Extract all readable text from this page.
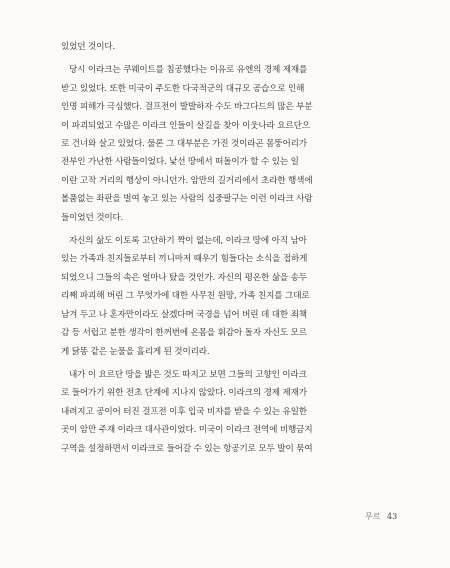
있었던 것이다.

당시 이라크는 쿠웨이트를 침공했다는 이유로 유엔의 경제 제재를
받고 있었다. 또한 미국이 주도한 다국적군의 대규모 공습으로 인해
인명 피해가 극심했다. 걸프전이 발발하자 수도 바그다드의 많은 부분
이 파괴되었고 수많은 이라크 인들이 살길을 찾아 이웃나라 요르단으
로 건너와 살고 있었다. 물론 그 대부분은 가진 것이라곤 몸뚱어리가
전부인 가난한 사람들이었다. 낯선 땅에서 떠돌이가 할 수 있는 일
이란 고작 거리의 행상이 아니던가. 암만의 길거리에서 초라한 행색에
볼품없는 좌판을 벌여 놓고 있는 사람의 십중팔구는 이런 이라크 사람
들이었던 것이다.

자신의 삶도 이토록 고단하기 짝이 없는데, 이라크 땅에 아직 남아
있는 가족과 친지들로부터 끼니마저 때우기 힘들다는 소식을 접하게
되었으니 그들의 속은 얼마나 탔을 것인가. 자신의 평온한 삶을 송두
리째 파괴해 버린 그 무엇가에 대한 사무친 원망, 가족 친지를 그대로
남겨 두고 나 혼자만이라도 살겠다며 국경을 넘어 버린 데 대한 죄책
감 등 서럽고 분한 생각이 한꺼번에 온몸을 휘감아 돌자 자신도 모르
게 닭똥 같은 눈물을 흘리게 된 것이리라.

내가 이 요르단 땅을 밟은 것도 따지고 보면 그들의 고향인 이라크
로 들어가기 위한 전초 단계에 지나지 않았다. 이라크의 경제 제재가
내려지고 공이어 터진 걸프전 이후 입국 비자를 받을 수 있는 유일한
곳이 암만 주재 이라크 대사관이었다. 미국이 이라크 전역에 비행금지
구역을 설정하면서 이라크로 들어갈 수 있는 항공기로 모두 발이 묶여

무르 43
